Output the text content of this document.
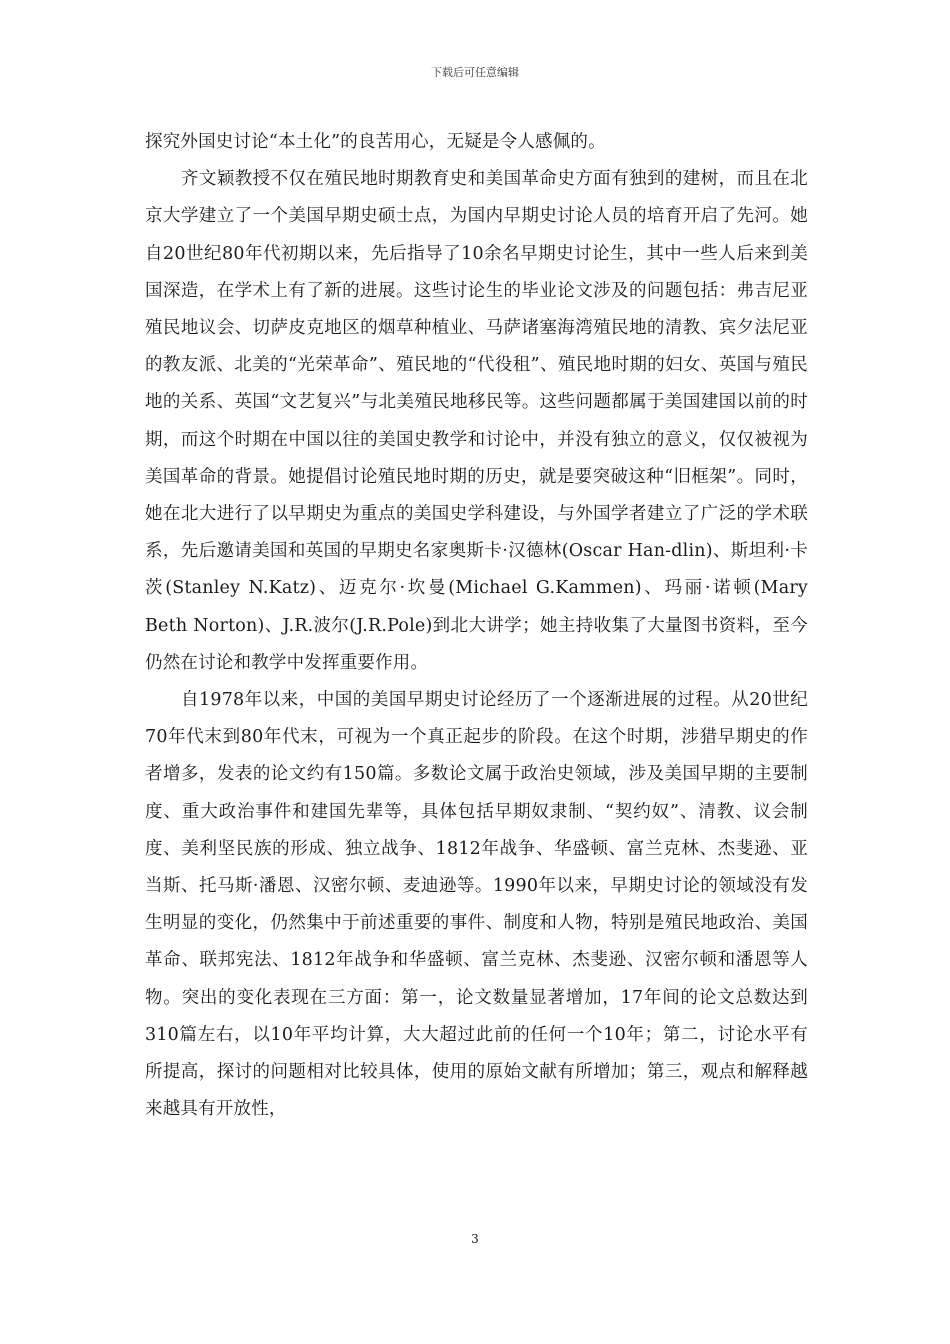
下载后可任意编辑

探究外国史讨论“本土化”的良苦用心，无疑是令人感佩的。

齐文颖教授不仅在殖民地时期教育史和美国革命史方面有独到的建树，而且在北京大学建立了一个美国早期史硕士点，为国内早期史讨论人员的培育开启了先河。她自20世纪80年代初期以来，先后指导了10余名早期史讨论生，其中一些人后来到美国深造，在学术上有了新的进展。这些讨论生的毕业论文涉及的问题包括：弗吉尼亚殖民地议会、切萨皮克地区的烟草种植业、马萨诸塞海湾殖民地的清教、宾夕法尼亚的教友派、北美的“光荣革命”、殖民地的“代役租”、殖民地时期的妇女、英国与殖民地的关系、英国“文艺复兴”与北美殖民地移民等。这些问题都属于美国建国以前的时期，而这个时期在中国以往的美国史教学和讨论中，并没有独立的意义，仅仅被视为美国革命的背景。她提倡讨论殖民地时期的历史，就是要突破这种“旧框架”。同时，她在北大进行了以早期史为重点的美国史学科建设，与外国学者建立了广泛的学术联系，先后邀请美国和英国的早期史名家奥斯卡·汉德林(Oscar Han-dlin)、斯坦利·卡茨(Stanley N.Katz)、迈克尔·坎曼(Michael G.Kammen)、玛丽·诺顿(Mary Beth Norton)、J.R.波尔(J.R.Pole)到北大讲学；她主持收集了大量图书资料，至今仍然在讨论和教学中发挥重要作用。

自1978年以来，中国的美国早期史讨论经历了一个逐渐进展的过程。从20世纪70年代末到80年代末，可视为一个真正起步的阶段。在这个时期，涉猎早期史的作者增多，发表的论文约有150篇。多数论文属于政治史领域，涉及美国早期的主要制度、重大政治事件和建国先辈等，具体包括早期奴隶制、“契约奴”、清教、议会制度、美利坚民族的形成、独立战争、1812年战争、华盛顿、富兰克林、杰斐逊、亚当斯、托马斯·潘恩、汉密尔顿、麦迪逊等。1990年以来，早期史讨论的领域没有发生明显的变化，仍然集中于前述重要的事件、制度和人物，特别是殖民地政治、美国革命、联邦宪法、1812年战争和华盛顿、富兰克林、杰斐逊、汉密尔顿和潘恩等人物。突出的变化表现在三方面：第一，论文数量显著增加，17年间的论文总数达到310篇左右，以10年平均计算，大大超过此前的任何一个10年；第二，讨论水平有所提高，探讨的问题相对比较具体，使用的原始文献有所增加；第三，观点和解释越来越具有开放性，

3
